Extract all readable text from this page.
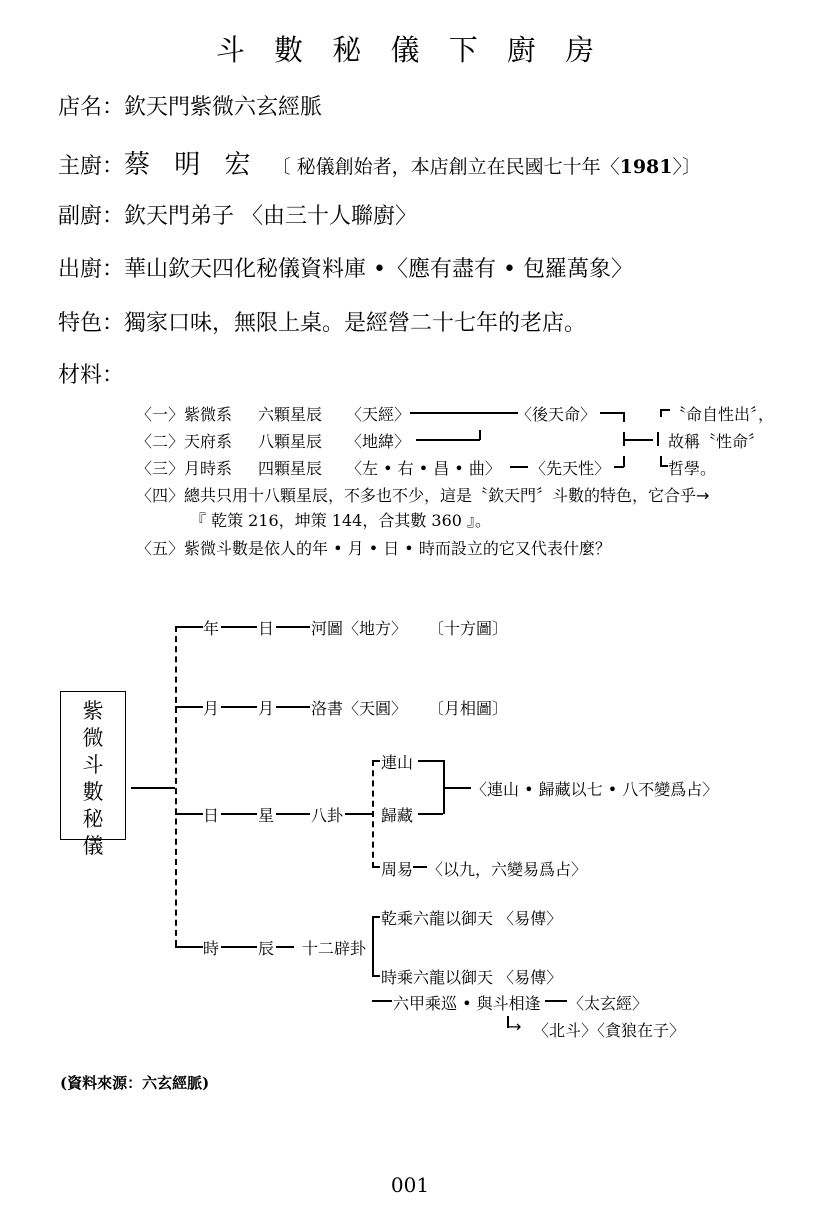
斗 數 秘 儀 下 廚 房
店名：欽天門紫微六玄經脈
主廚：蔡 明 宏 〔 秘儀創始者，本店創立在民國七十年〈1981〉〕
副廚：欽天門弟子 〈由三十人聯廚〉
出廚：華山欽天四化秘儀資料庫 •〈應有盡有 • 包羅萬象〉
特色：獨家口味，無限上桌。是經營二十七年的老店。
材料：
〈一〉紫微系 六顆星辰 〈天經〉
〈二〉天府系 八顆星辰 〈地緯〉
〈三〉月時系 四顆星辰 〈左 • 右 • 昌 • 曲〉
〈後天命〉
〈先天性〉
〝命自性出〞，
故稱〝性命〞
哲學。
〈四〉總共只用十八顆星辰，不多也不少，這是〝欽天門〞斗數的特色，它合乎→
『 乾策 216，坤策 144，合其數 360 』。
〈五〉紫微斗數是依人的年 • 月 • 日 • 時而設立的它又代表什麼？
紫
微
斗
數
秘
儀
年 日 河圖〈地方〉 〔十方圖〕
月 月 洛書〈天圓〉 〔月相圖〕
日 星 八卦
連山
歸藏
〈連山 • 歸藏以七 • 八不變爲占〉
周易 〈以九，六變易爲占〉
時 辰 十二辟卦
乾乘六龍以御天 〈易傳〉
時乘六龍以御天 〈易傳〉
六甲乘巡 • 與斗相逢 〈太玄經〉
→ 〈北斗〉〈貪狼在子〉
(資料來源：六玄經脈)
001
